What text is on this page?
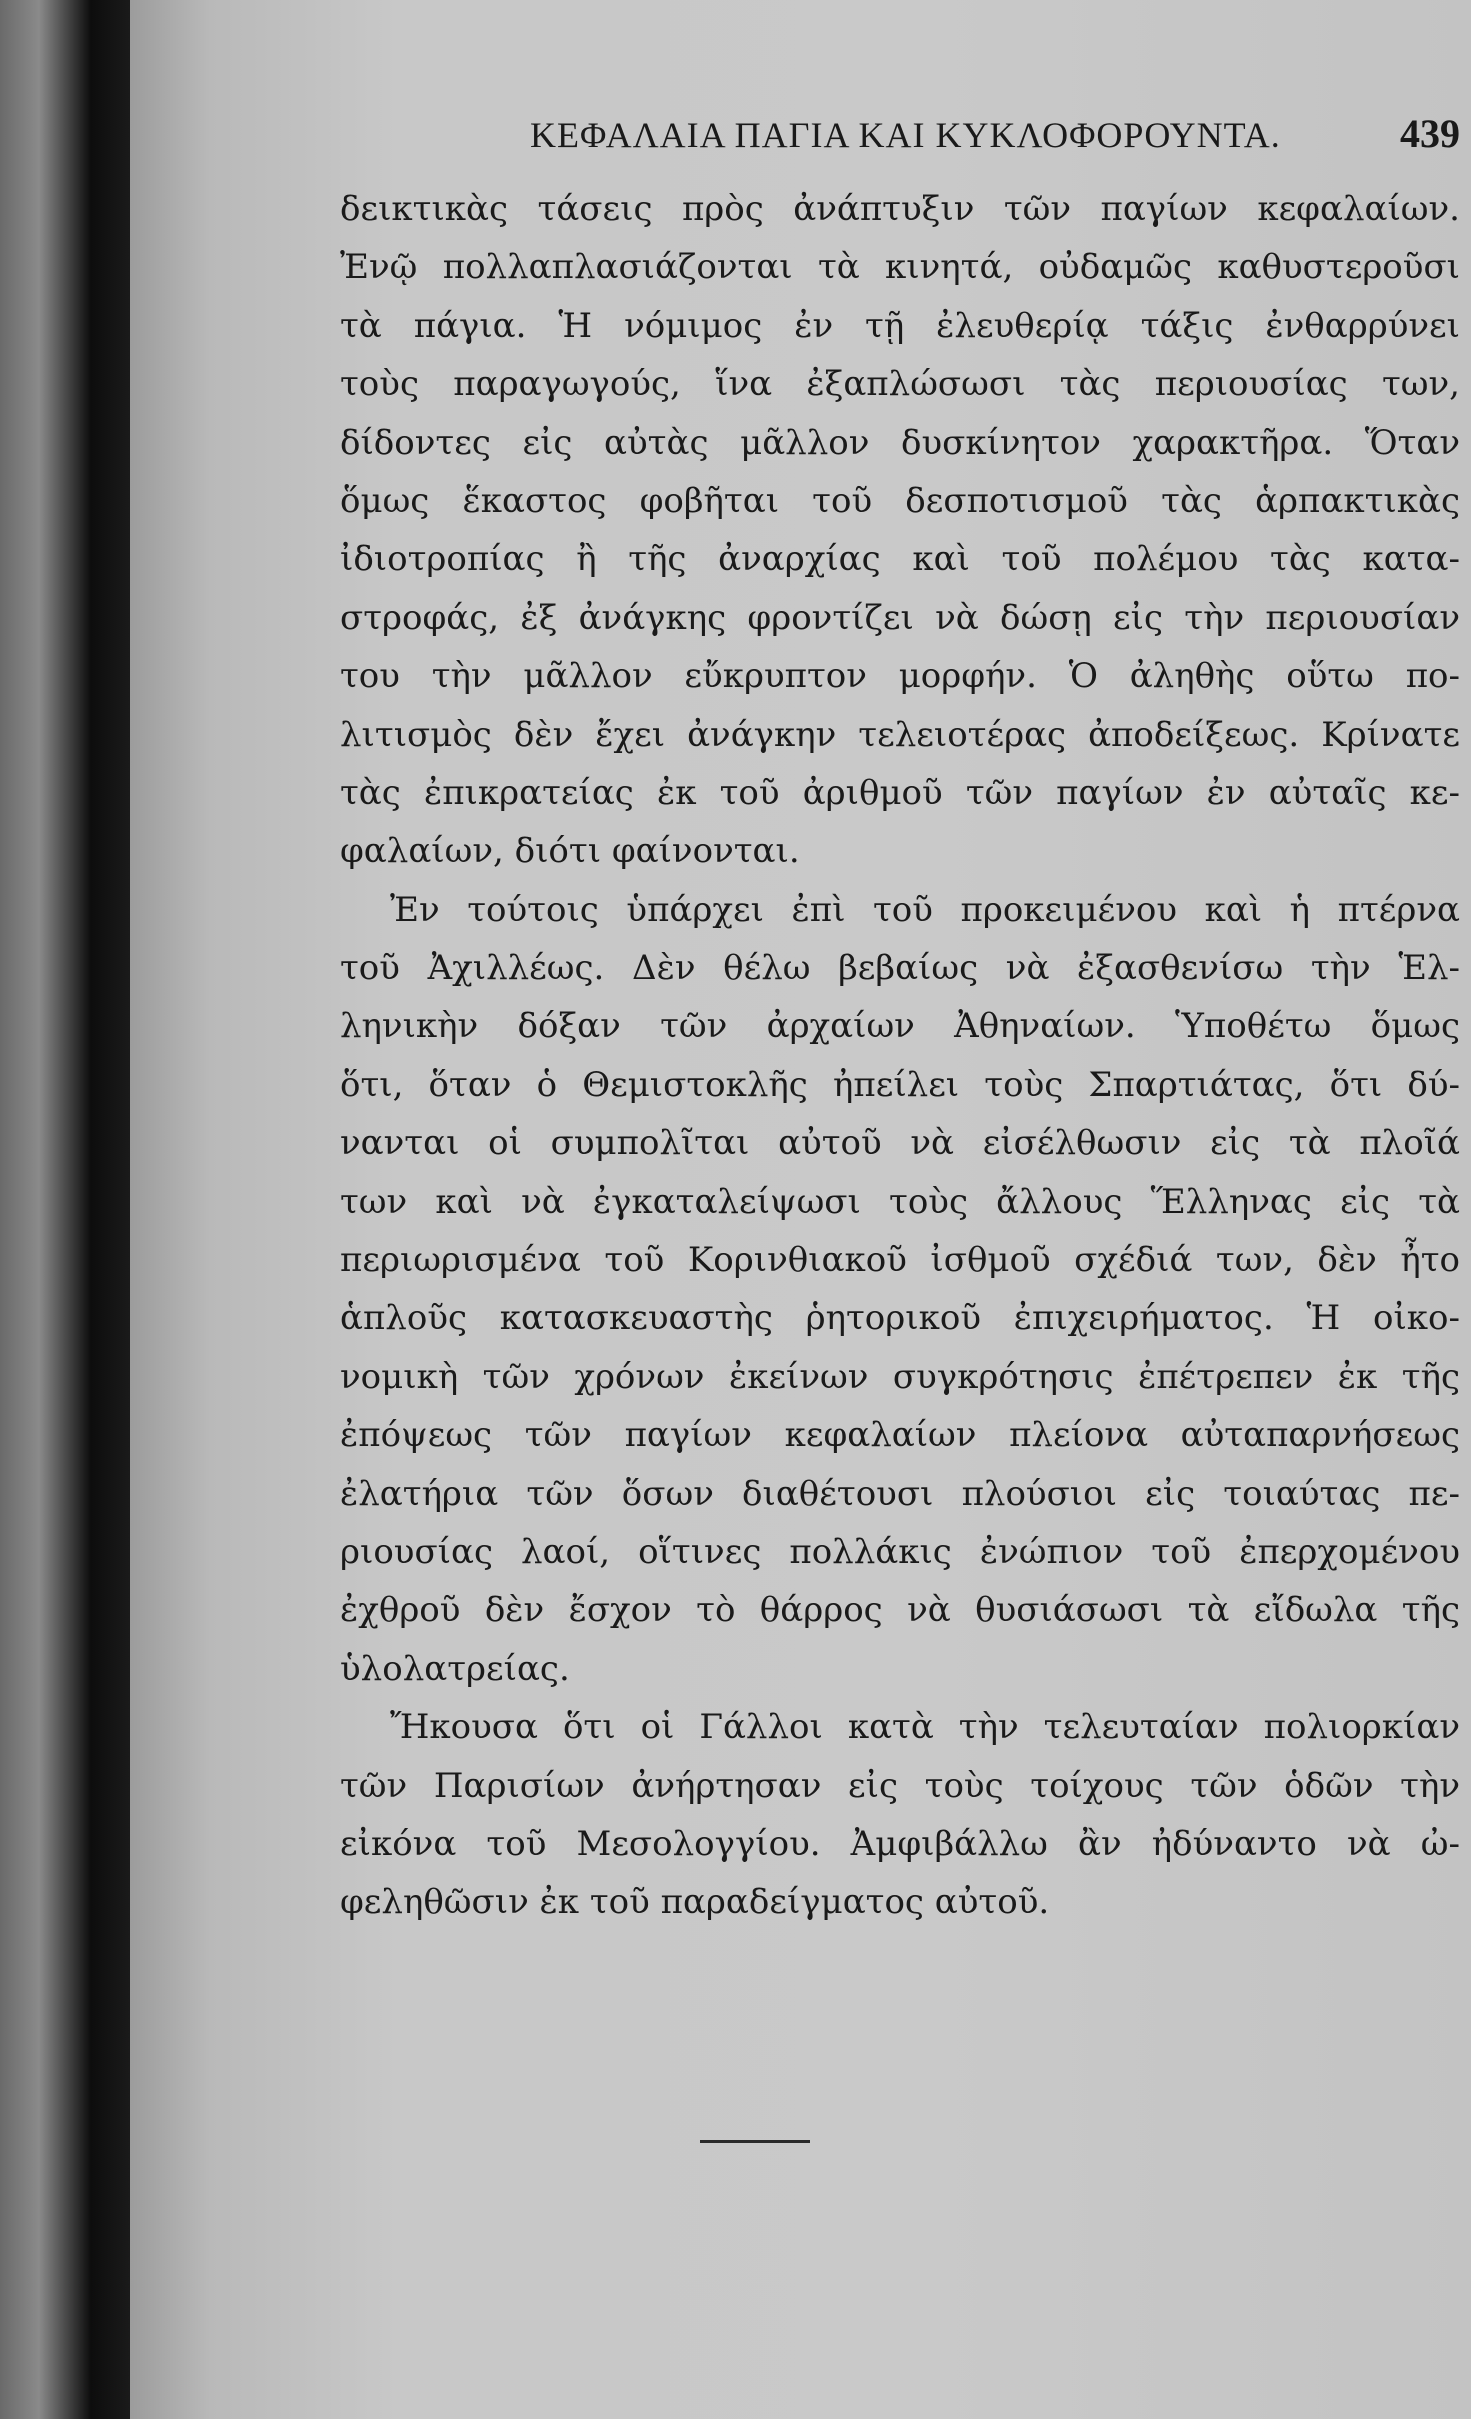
ΚΕΦΑΛΑΙΑ ΠΑΓΙΑ ΚΑΙ ΚΥΚΛΟΦΟΡΟΥΝΤΑ.	439
δεικτικὰς τάσεις πρὸς ἀνάπτυξιν τῶν παγίων κεφαλαίων.
Ἐνῷ πολλαπλασιάζονται τὰ κινητά, οὐδαμῶς καθυστεροῦσι
τὰ πάγια. Ἡ νόμιμος ἐν τῇ ἐλευθερίᾳ τάξις ἐνθαρρύνει
τοὺς παραγωγούς, ἵνα ἐξαπλώσωσι τὰς περιουσίας των,
δίδοντες εἰς αὐτὰς μᾶλλον δυσκίνητον χαρακτῆρα. Ὅταν
ὅμως ἕκαστος φοβῆται τοῦ δεσποτισμοῦ τὰς ἁρπακτικὰς
ἰδιοτροπίας ἢ τῆς ἀναρχίας καὶ τοῦ πολέμου τὰς κατα-
στροφάς, ἐξ ἀνάγκης φροντίζει νὰ δώσῃ εἰς τὴν περιουσίαν
του τὴν μᾶλλον εὔκρυπτον μορφήν. Ὁ ἀληθὴς οὕτω πο-
λιτισμὸς δὲν ἔχει ἀνάγκην τελειοτέρας ἀποδείξεως. Κρίνατε
τὰς ἐπικρατείας ἐκ τοῦ ἀριθμοῦ τῶν παγίων ἐν αὐταῖς κε-
φαλαίων, διότι φαίνονται.
Ἐν τούτοις ὑπάρχει ἐπὶ τοῦ προκειμένου καὶ ἡ πτέρνα
τοῦ Ἀχιλλέως. Δὲν θέλω βεβαίως νὰ ἐξασθενίσω τὴν Ἑλ-
ληνικὴν δόξαν τῶν ἀρχαίων Ἀθηναίων. Ὑποθέτω ὅμως
ὅτι, ὅταν ὁ Θεμιστοκλῆς ἠπείλει τοὺς Σπαρτιάτας, ὅτι δύ-
νανται οἱ συμπολῖται αὐτοῦ νὰ εἰσέλθωσιν εἰς τὰ πλοῖά
των καὶ νὰ ἐγκαταλείψωσι τοὺς ἄλλους Ἕλληνας εἰς τὰ
περιωρισμένα τοῦ Κορινθιακοῦ ἰσθμοῦ σχέδιά των, δὲν ἦτο
ἁπλοῦς κατασκευαστὴς ῥητορικοῦ ἐπιχειρήματος. Ἡ οἰκο-
νομικὴ τῶν χρόνων ἐκείνων συγκρότησις ἐπέτρεπεν ἐκ τῆς
ἐπόψεως τῶν παγίων κεφαλαίων πλείονα αὐταπαρνήσεως
ἐλατήρια τῶν ὅσων διαθέτουσι πλούσιοι εἰς τοιαύτας πε-
ριουσίας λαοί, οἵτινες πολλάκις ἐνώπιον τοῦ ἐπερχομένου
ἐχθροῦ δὲν ἔσχον τὸ θάρρος νὰ θυσιάσωσι τὰ εἴδωλα τῆς
ὑλολατρείας.
Ἤκουσα ὅτι οἱ Γάλλοι κατὰ τὴν τελευταίαν πολιορκίαν
τῶν Παρισίων ἀνήρτησαν εἰς τοὺς τοίχους τῶν ὁδῶν τὴν
εἰκόνα τοῦ Μεσολογγίου. Ἀμφιβάλλω ἂν ἠδύναντο νὰ ὠ-
φεληθῶσιν ἐκ τοῦ παραδείγματος αὐτοῦ.
